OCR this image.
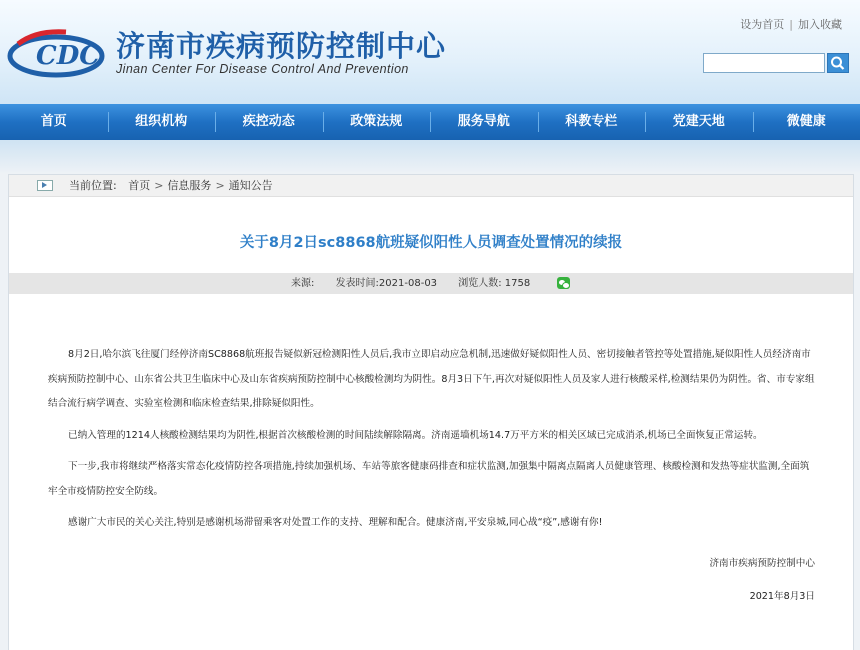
CDC 济南市疾病预防控制中心
Jinan Center For Disease Control And Prevention
设为首页 | 加入收藏
首页	组织机构	疾控动态	政策法规	服务导航	科教专栏	党建天地	微健康
当前位置: 首页 > 信息服务 > 通知公告
关于8月2日sc8868航班疑似阳性人员调查处置情况的续报
来源: 发表时间:2021-08-03 浏览人数: 1758

8月2日,哈尔滨飞往厦门经停济南SC8868航班报告疑似新冠检测阳性人员后,我市立即启动应急机制,迅速做好疑似阳性人员、密切接触者管控等处置措施,疑似阳性人员经济南市疾病预防控制中心、山东省公共卫生临床中心及山东省疾病预防控制中心核酸检测均为阴性。8月3日下午,再次对疑似阳性人员及家人进行核酸采样,检测结果仍为阴性。省、市专家组结合流行病学调查、实验室检测和临床检查结果,排除疑似阳性。

已纳入管理的1214人核酸检测结果均为阴性,根据首次核酸检测的时间陆续解除隔离。济南遥墙机场14.7万平方米的相关区域已完成消杀,机场已全面恢复正常运转。

下一步,我市将继续严格落实常态化疫情防控各项措施,持续加强机场、车站等旅客健康码排查和症状监测,加强集中隔离点隔离人员健康管理、核酸检测和发热等症状监测,全面筑牢全市疫情防控安全防线。

感谢广大市民的关心关注,特别是感谢机场滞留乘客对处置工作的支持、理解和配合。健康济南,平安泉城,同心战“疫”,感谢有你!

济南市疾病预防控制中心
2021年8月3日
